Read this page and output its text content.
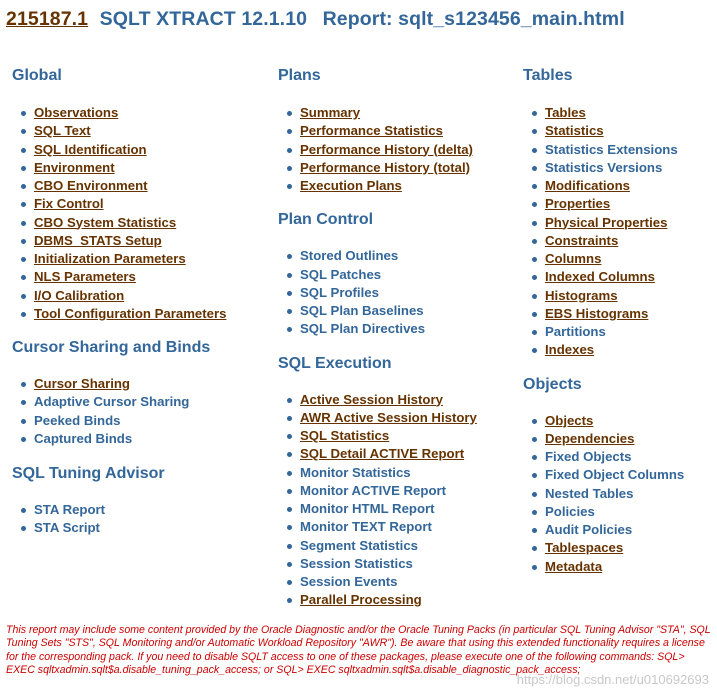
215187.1 SQLT XTRACT 12.1.10 Report: sqlt_s123456_main.html
Global
Observations
SQL Text
SQL Identification
Environment
CBO Environment
Fix Control
CBO System Statistics
DBMS_STATS Setup
Initialization Parameters
NLS Parameters
I/O Calibration
Tool Configuration Parameters
Cursor Sharing and Binds
Cursor Sharing
Adaptive Cursor Sharing
Peeked Binds
Captured Binds
SQL Tuning Advisor
STA Report
STA Script
Plans
Summary
Performance Statistics
Performance History (delta)
Performance History (total)
Execution Plans
Plan Control
Stored Outlines
SQL Patches
SQL Profiles
SQL Plan Baselines
SQL Plan Directives
SQL Execution
Active Session History
AWR Active Session History
SQL Statistics
SQL Detail ACTIVE Report
Monitor Statistics
Monitor ACTIVE Report
Monitor HTML Report
Monitor TEXT Report
Segment Statistics
Session Statistics
Session Events
Parallel Processing
Tables
Tables
Statistics
Statistics Extensions
Statistics Versions
Modifications
Properties
Physical Properties
Constraints
Columns
Indexed Columns
Histograms
EBS Histograms
Partitions
Indexes
Objects
Objects
Dependencies
Fixed Objects
Fixed Object Columns
Nested Tables
Policies
Audit Policies
Tablespaces
Metadata
This report may include some content provided by the Oracle Diagnostic and/or the Oracle Tuning Packs (in particular SQL Tuning Advisor "STA", SQL Tuning Sets "STS", SQL Monitoring and/or Automatic Workload Repository "AWR"). Be aware that using this extended functionality requires a license for the corresponding pack. If you need to disable SQLT access to one of these packages, please execute one of the following commands: SQL> EXEC sqltxadmin.sqlt$a.disable_tuning_pack_access; or SQL> EXEC sqltxadmin.sqlt$a.disable_diagnostic_pack_access;
https://blog.csdn.net/u010692693
